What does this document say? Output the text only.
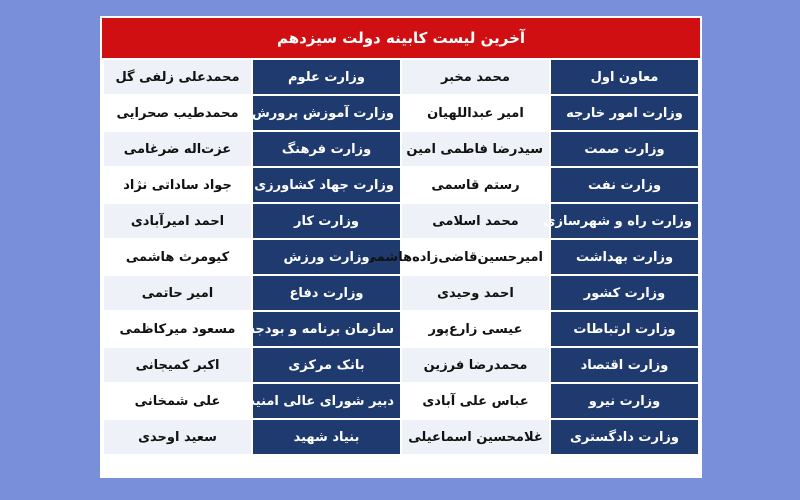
آخرین لیست کابینه دولت سیزدهم
معاون اول	محمد مخبر	وزارت علوم	محمدعلی زلفی گل
وزارت امور خارجه	امیر عبداللهیان	وزارت آموزش پرورش	محمدطیب صحرایی
وزارت صمت	سیدرضا فاطمی امین	وزارت فرهنگ	عزت‌اله ضرغامی
وزارت نفت	رستم قاسمی	وزارت جهاد کشاورزی	جواد ساداتی نژاد
وزارت راه و شهرسازی	محمد اسلامی	وزارت کار	احمد امیرآبادی
وزارت بهداشت	امیرحسین‌قاضی‌زاده‌هاشمی	وزارت ورزش	کیومرث هاشمی
وزارت کشور	احمد وحیدی	وزارت دفاع	امیر حاتمی
وزارت ارتباطات	عیسی زارع‌پور	سازمان برنامه و بودجه	مسعود میرکاظمی
وزارت اقتصاد	محمدرضا فرزین	بانک مرکزی	اکبر کمیجانی
وزارت نیرو	عباس علی آبادی	دبیر شورای عالی امنیت ملی	علی شمخانی
وزارت دادگستری	غلامحسین اسماعیلی	بنیاد شهید	سعید اوحدی
